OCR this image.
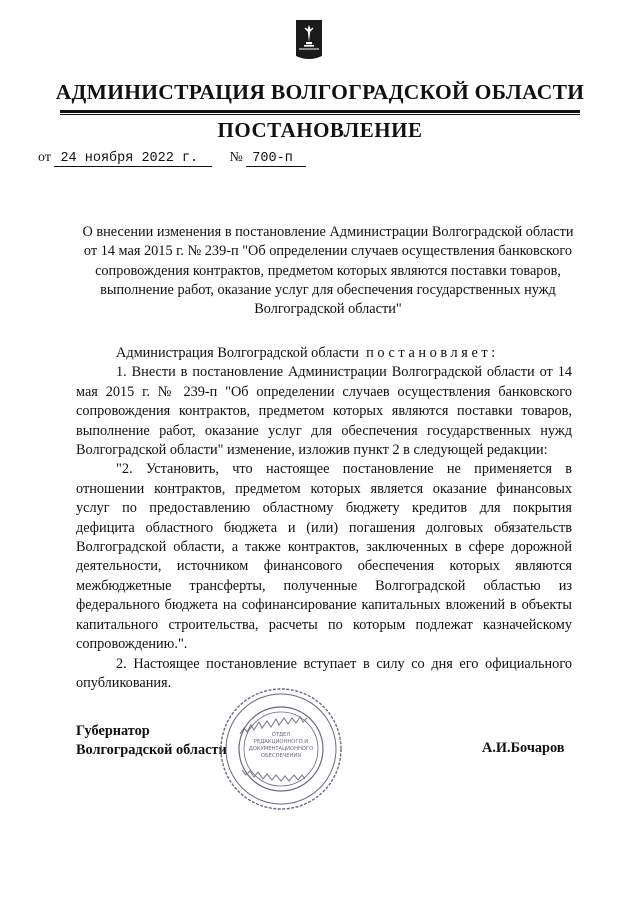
АДМИНИСТРАЦИЯ ВОЛГОГРАДСКОЙ ОБЛАСТИ
ПОСТАНОВЛЕНИЕ
от 24 ноября 2022 г. № 700-п
О внесении изменения в постановление Администрации Волгоградской области от 14 мая 2015 г. № 239-п "Об определении случаев осуществления банковского сопровождения контрактов, предметом которых являются поставки товаров, выполнение работ, оказание услуг для обеспечения государственных нужд Волгоградской области"

Администрация Волгоградской области постановляет:

1. Внести в постановление Администрации Волгоградской области от 14 мая 2015 г. № 239-п "Об определении случаев осуществления банковского сопровождения контрактов, предметом которых являются поставки товаров, выполнение работ, оказание услуг для обеспечения государственных нужд Волгоградской области" изменение, изложив пункт 2 в следующей редакции:

"2. Установить, что настоящее постановление не применяется в отношении контрактов, предметом которых является оказание финансовых услуг по предоставлению областному бюджету кредитов для покрытия дефицита областного бюджета и (или) погашения долговых обязательств Волгоградской области, а также контрактов, заключенных в сфере дорожной деятельности, источником финансового обеспечения которых являются межбюджетные трансферты, полученные Волгоградской областью из федерального бюджета на софинансирование капитальных вложений в объекты капитального строительства, расчеты по которым подлежат казначейскому сопровождению.".

2. Настоящее постановление вступает в силу со дня его официального опубликования.

Губернатор
Волгоградской области	А.И.Бочаров
ОТДЕЛ
РЕДАКЦИОННОГО И
ДОКУМЕНТАЦИОННОГО
ОБЕСПЕЧЕНИЯ
